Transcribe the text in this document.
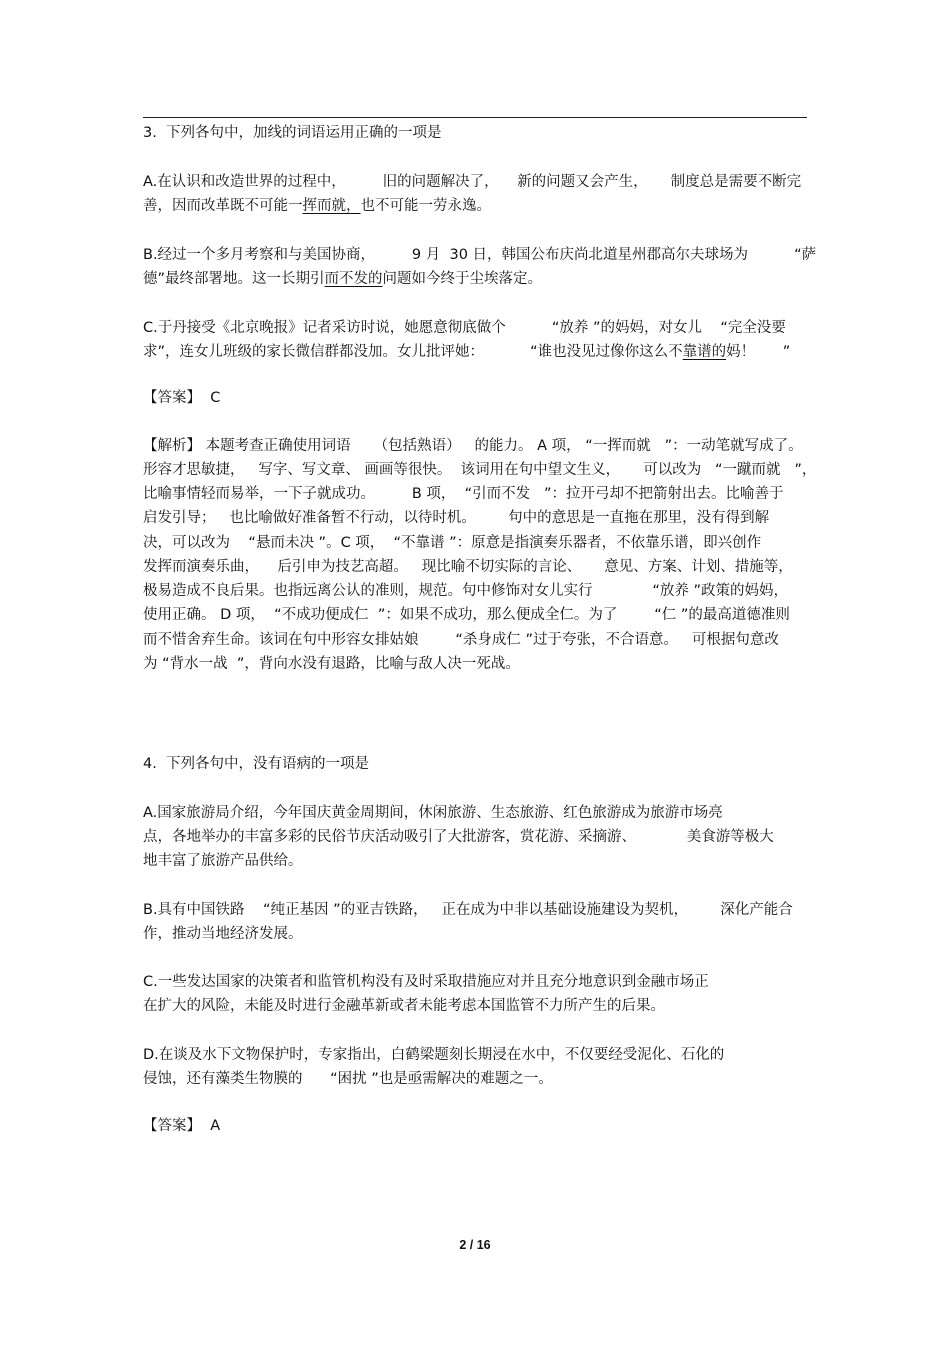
3.  下列各句中，加线的词语运用正确的一项是
A.在认识和改造世界的过程中，        旧的问题解决了，    新的问题又会产生，     制度总是需要不断完
善，因而改革既不可能一挥而就，也不可能一劳永逸。
B.经过一个多月考察和与美国协商，        9 月  30 日，韩国公布庆尚北道星州郡高尔夫球场为          “萨
德”最终部署地。这一长期引而不发的问题如今终于尘埃落定。
C.于丹接受《北京晚报》记者采访时说，她愿意彻底做个          “放养 ”的妈妈，对女儿    “完全没要
求”，连女儿班级的家长微信群都没加。女儿批评她：          “谁也没见过像你这么不靠谱的妈！      ”
【答案】  C
【解析】 本题考查正确使用词语     （包括熟语）   的能力。 A 项， “一挥而就   ”：一动笔就写成了。
形容才思敏捷，   写字、写文章、 画画等很快。  该词用在句中望文生义，     可以改为   “一蹴而就   ”，
比喻事情轻而易举，一下子就成功。        B 项，  “引而不发   ”：拉开弓却不把箭射出去。比喻善于
启发引导；   也比喻做好准备暂不行动，以待时机。       句中的意思是一直拖在那里，没有得到解
决，可以改为    “悬而未决 ”。C 项，  “不靠谱 ”：原意是指演奏乐器者，不依靠乐谱，即兴创作
发挥而演奏乐曲，    后引申为技艺高超。   现比喻不切实际的言论、     意见、方案、计划、措施等，
极易造成不良后果。也指远离公认的准则，规范。句中修饰对女儿实行             “放养 ”政策的妈妈，
使用正确。 D 项，  “不成功便成仁  ”：如果不成功，那么便成全仁。为了        “仁 ”的最高道德准则
而不惜舍弃生命。该词在句中形容女排姑娘        “杀身成仁 ”过于夸张，不合语意。   可根据句意改
为 “背水一战  ”，背向水没有退路，比喻与敌人决一死战。
4.  下列各句中，没有语病的一项是
A.国家旅游局介绍，今年国庆黄金周期间，休闲旅游、生态旅游、红色旅游成为旅游市场亮
点，各地举办的丰富多彩的民俗节庆活动吸引了大批游客，赏花游、采摘游、           美食游等极大
地丰富了旅游产品供给。
B.具有中国铁路    “纯正基因 ”的亚吉铁路，   正在成为中非以基础设施建设为契机，       深化产能合
作，推动当地经济发展。
C.一些发达国家的决策者和监管机构没有及时采取措施应对并且充分地意识到金融市场正
在扩大的风险，未能及时进行金融革新或者未能考虑本国监管不力所产生的后果。
D.在谈及水下文物保护时，专家指出，白鹤梁题刻长期浸在水中，不仅要经受泥化、石化的
侵蚀，还有藻类生物膜的      “困扰 ”也是亟需解决的难题之一。
【答案】  A
2 / 16
